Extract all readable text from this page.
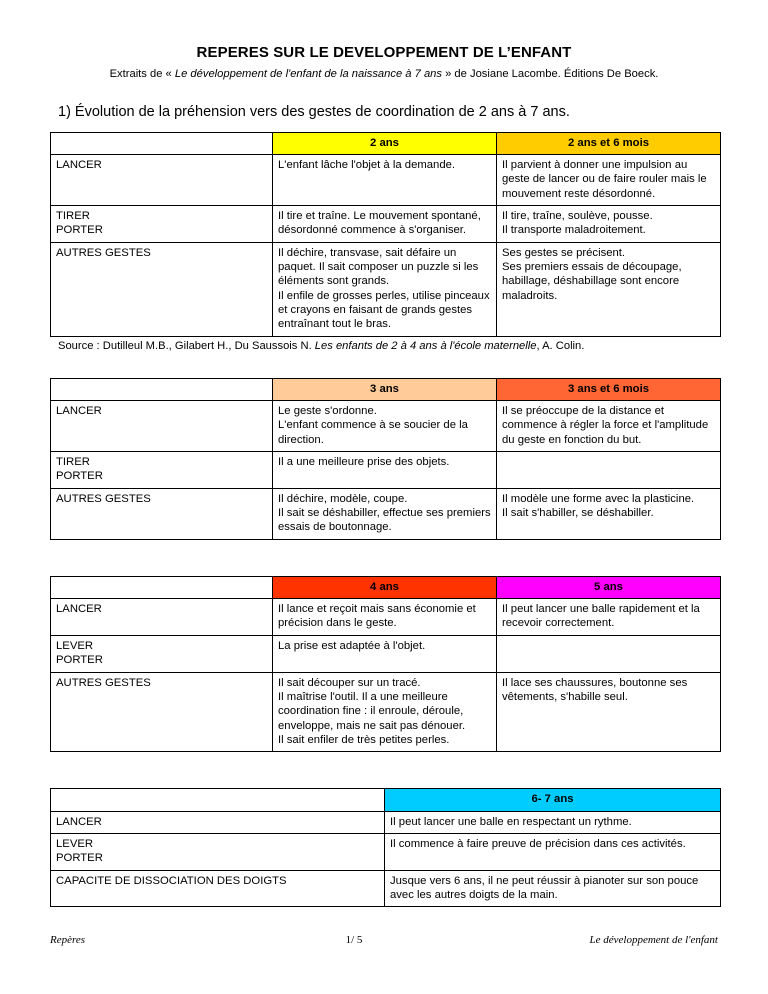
REPERES SUR LE DEVELOPPEMENT DE L’ENFANT

Extraits de « Le développement de l'enfant de la naissance à 7 ans » de Josiane Lacombe. Éditions De Boeck.

1) Évolution de la préhension vers des gestes de coordination de 2 ans à 7 ans.
	2 ans	2 ans et 6 mois

LANCER	L'enfant lâche l'objet à la demande.	Il parvient à donner une impulsion au geste de lancer ou de faire rouler mais le mouvement reste désordonné.

TIRER
PORTER	Il tire et traîne. Le mouvement spontané, désordonné commence à s'organiser.	Il tire, traîne, soulève, pousse.
Il transporte maladroitement.

AUTRES GESTES	Il déchire, transvase, sait défaire un paquet. Il sait composer un puzzle si les éléments sont grands.
Il enfile de grosses perles, utilise pinceaux et crayons en faisant de grands gestes entraînant tout le bras.	Ses gestes se précisent.
Ses premiers essais de découpage, habillage, déshabillage sont encore maladroits.

Source : Dutilleul M.B., Gilabert H., Du Saussois N. Les enfants de 2 à 4 ans à l'école maternelle, A. Colin.

	3 ans	3 ans et 6 mois

LANCER	Le geste s'ordonne.
L'enfant commence à se soucier de la direction.	Il se préoccupe de la distance et commence à régler la force et l'amplitude du geste en fonction du but.

TIRER
PORTER	Il a une meilleure prise des objets.	

AUTRES GESTES	Il déchire, modèle, coupe.
Il sait se déshabiller, effectue ses premiers essais de boutonnage.	Il modèle une forme avec la plasticine.
Il sait s'habiller, se déshabiller.
	4 ans	5 ans

LANCER	Il lance et reçoit mais sans économie et précision dans le geste.	Il peut lancer une balle rapidement et la recevoir correctement.

LEVER
PORTER	La prise est adaptée à l'objet.	

AUTRES GESTES	Il sait découper sur un tracé.
Il maîtrise l'outil. Il a une meilleure coordination fine : il enroule, déroule, enveloppe, mais ne sait pas dénouer.
Il sait enfiler de très petites perles.	Il lace ses chaussures, boutonne ses vêtements, s'habille seul.
	6- 7 ans

LANCER	Il peut lancer une balle en respectant un rythme.

LEVER
PORTER	Il commence à faire preuve de précision dans ces activités.

CAPACITE DE DISSOCIATION DES DOIGTS	Jusque vers 6 ans, il ne peut réussir à pianoter sur son pouce avec les autres doigts de la main.
Repères	1/ 5	Le développement de l'enfant
